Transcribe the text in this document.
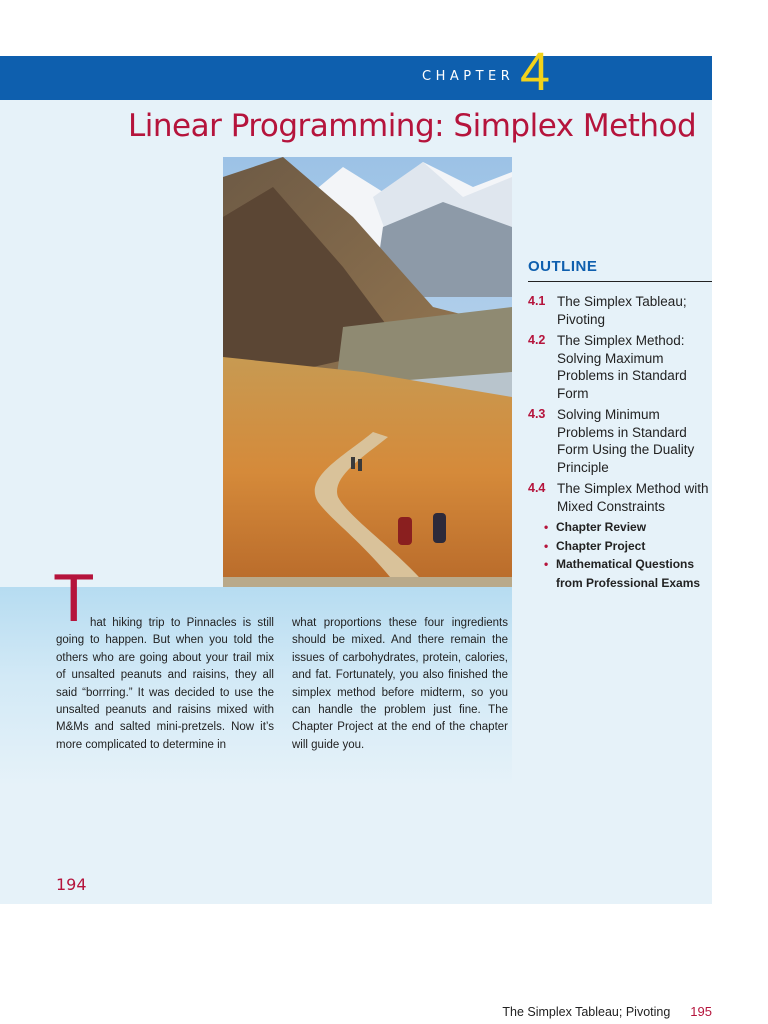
CHAPTER 4
Linear Programming: Simplex Method
OUTLINE
4.1 The Simplex Tableau; Pivoting
4.2 The Simplex Method: Solving Maximum Problems in Standard Form
4.3 Solving Minimum Problems in Standard Form Using the Duality Principle
4.4 The Simplex Method with Mixed Constraints
• Chapter Review
• Chapter Project
• Mathematical Questions from Professional Exams
T

hat hiking trip to Pinnacles is still going to happen. But when you told the others who are going about your trail mix of unsalted peanuts and raisins, they all said “borrring.” It was decided to use the unsalted peanuts and raisins mixed with M&Ms and salted mini-pretzels. Now it’s more complicated to determine in

what proportions these four ingredients should be mixed. And there remain the issues of carbohydrates, protein, calories, and fat. Fortunately, you also finished the simplex method before midterm, so you can handle the problem just fine. The Chapter Project at the end of the chapter will guide you.

194
The Simplex Tableau; Pivoting 195
